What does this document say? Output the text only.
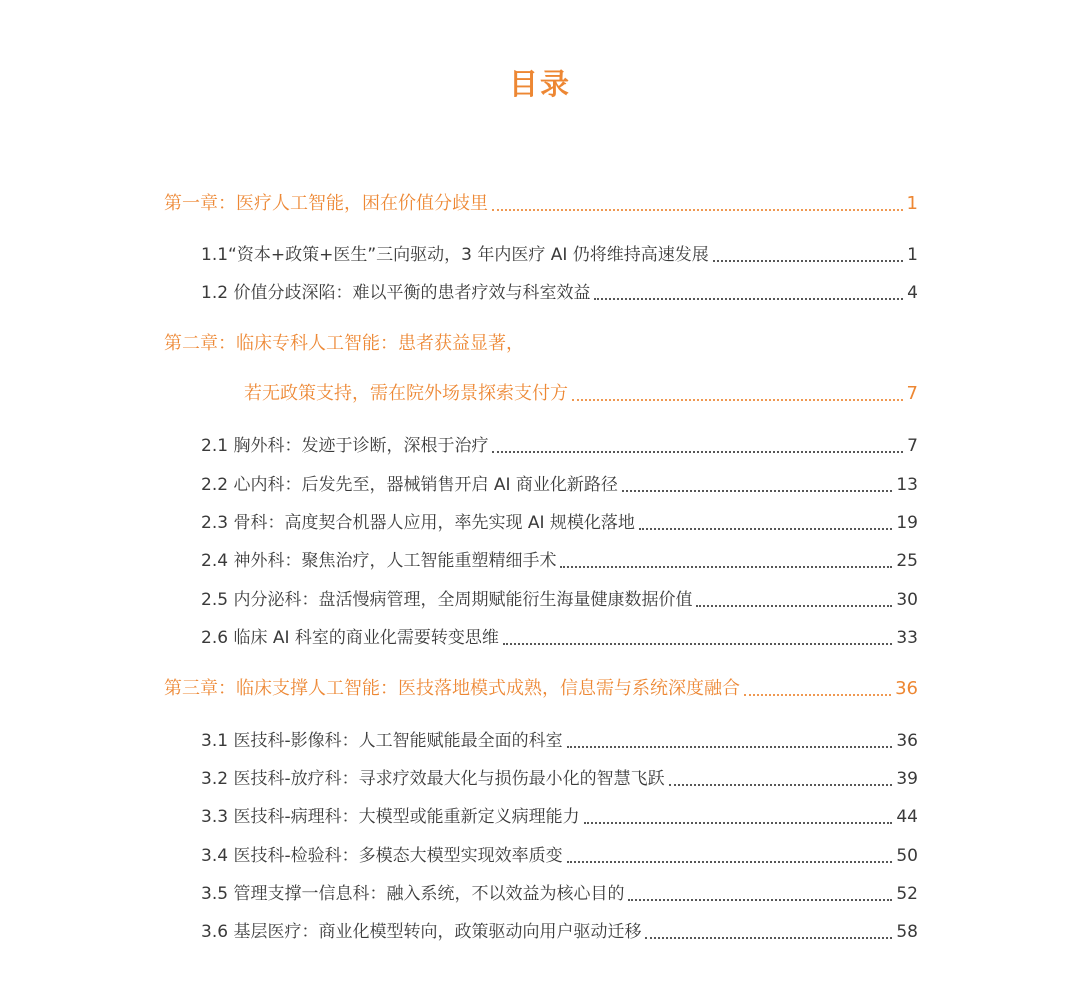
目录
第一章：医疗人工智能，困在价值分歧里	1
1.1“资本+政策+医生”三向驱动，3 年内医疗 AI 仍将维持高速发展	1
1.2 价值分歧深陷：难以平衡的患者疗效与科室效益	4
第二章：临床专科人工智能：患者获益显著，
若无政策支持，需在院外场景探索支付方	7
2.1 胸外科：发迹于诊断，深根于治疗	7
2.2 心内科：后发先至，器械销售开启 AI 商业化新路径	13
2.3 骨科：高度契合机器人应用，率先实现 AI 规模化落地	19
2.4 神外科：聚焦治疗，人工智能重塑精细手术	25
2.5 内分泌科：盘活慢病管理，全周期赋能衍生海量健康数据价值	30
2.6 临床 AI 科室的商业化需要转变思维	33
第三章：临床支撑人工智能：医技落地模式成熟，信息需与系统深度融合	36
3.1 医技科-影像科：人工智能赋能最全面的科室	36
3.2 医技科-放疗科：寻求疗效最大化与损伤最小化的智慧飞跃	39
3.3 医技科-病理科：大模型或能重新定义病理能力	44
3.4 医技科-检验科：多模态大模型实现效率质变	50
3.5 管理支撑一信息科：融入系统，不以效益为核心目的	52
3.6 基层医疗：商业化模型转向，政策驱动向用户驱动迁移	58
